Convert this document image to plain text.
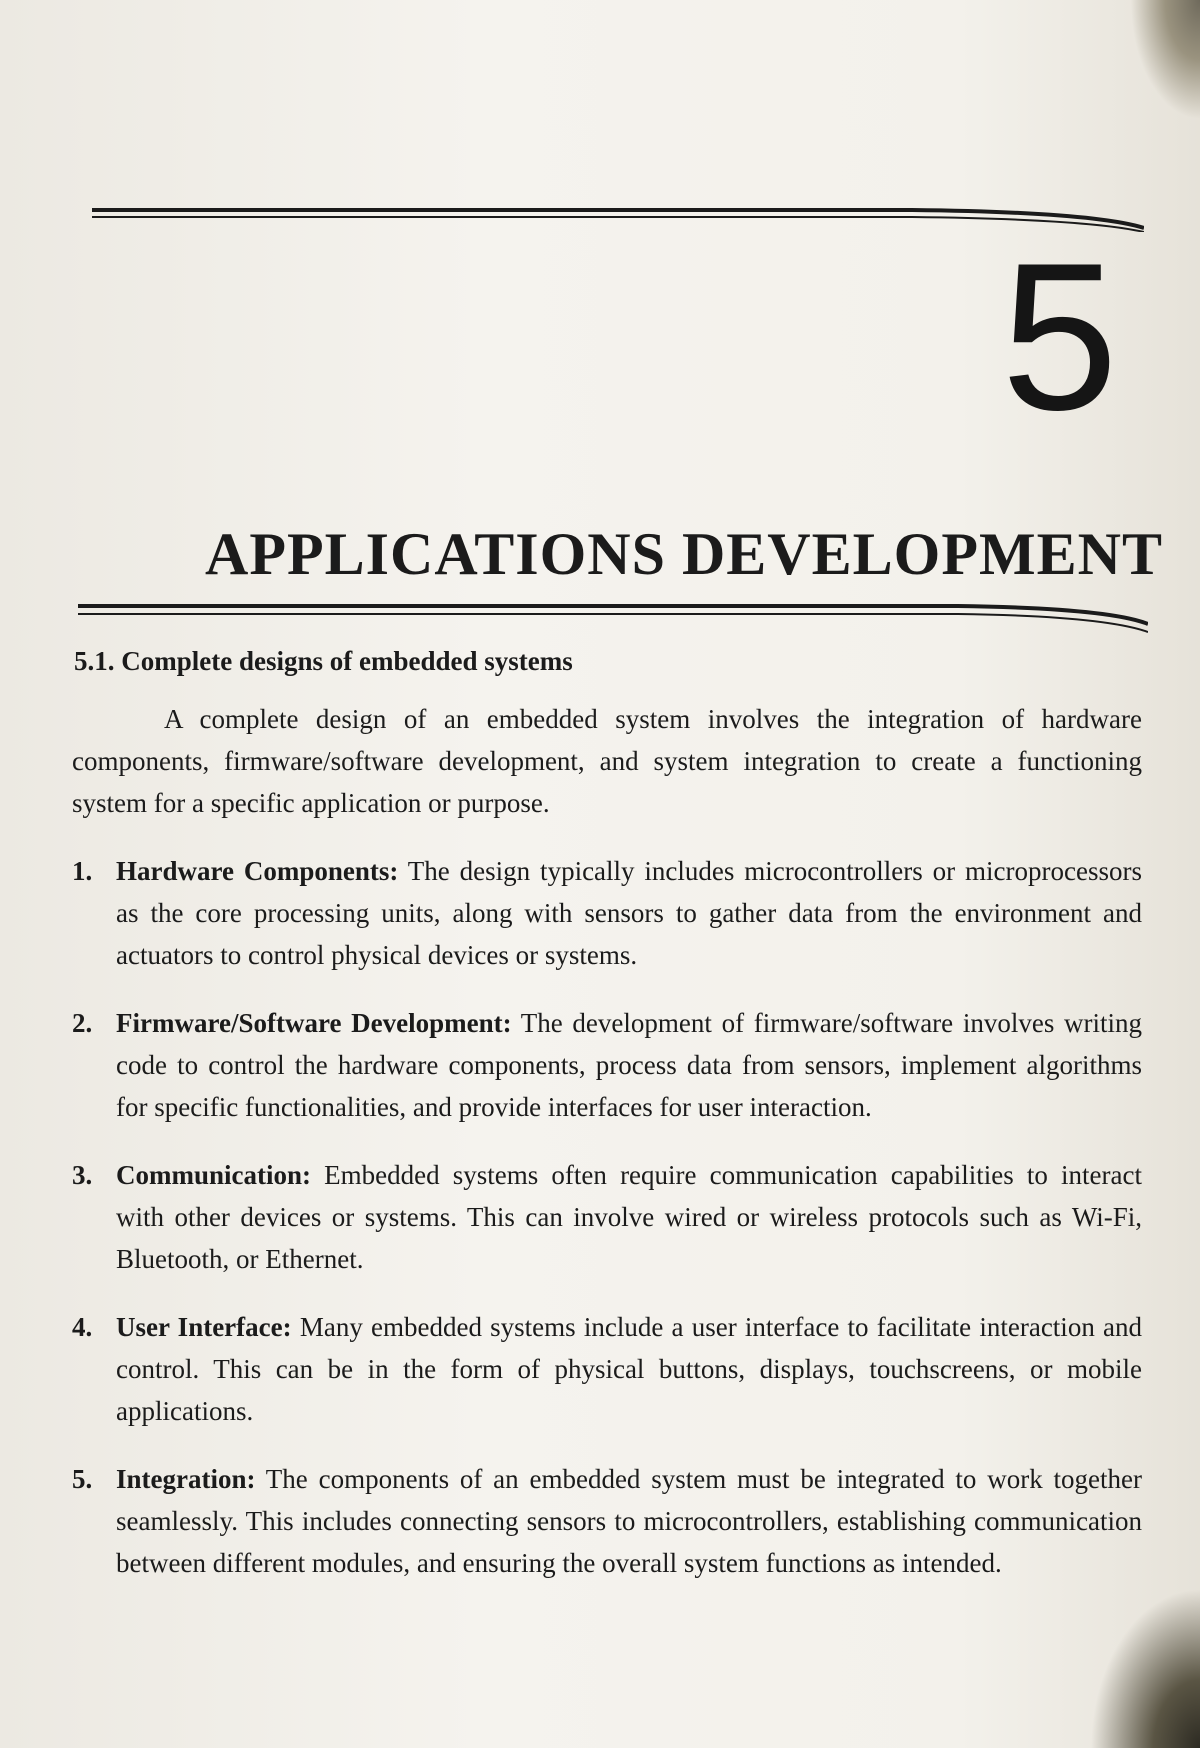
5
APPLICATIONS DEVELOPMENT
5.1. Complete designs of embedded systems

A complete design of an embedded system involves the integration of hardware components, firmware/software development, and system integration to create a functioning system for a specific application or purpose.

1. Hardware Components: The design typically includes microcontrollers or microprocessors as the core processing units, along with sensors to gather data from the environment and actuators to control physical devices or systems.
2. Firmware/Software Development: The development of firmware/software involves writing code to control the hardware components, process data from sensors, implement algorithms for specific functionalities, and provide interfaces for user interaction.
3. Communication: Embedded systems often require communication capabilities to interact with other devices or systems. This can involve wired or wireless protocols such as Wi-Fi, Bluetooth, or Ethernet.
4. User Interface: Many embedded systems include a user interface to facilitate interaction and control. This can be in the form of physical buttons, displays, touchscreens, or mobile applications.
5. Integration: The components of an embedded system must be integrated to work together seamlessly. This includes connecting sensors to microcontrollers, establishing communication between different modules, and ensuring the overall system functions as intended.
